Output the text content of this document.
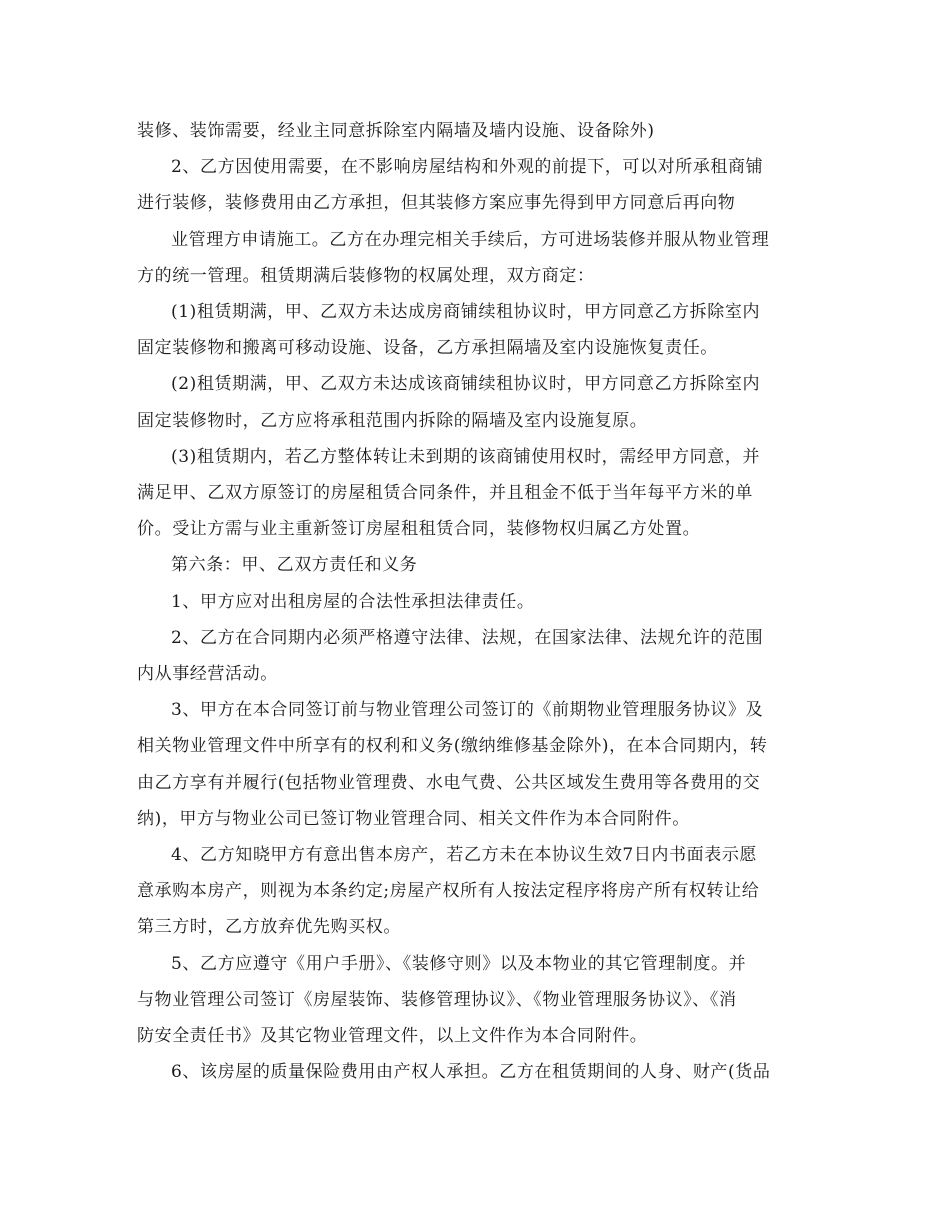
装修、装饰需要，经业主同意拆除室内隔墙及墙内设施、设备除外)
2、乙方因使用需要，在不影响房屋结构和外观的前提下，可以对所承租商铺
进行装修，装修费用由乙方承担，但其装修方案应事先得到甲方同意后再向物
业管理方申请施工。乙方在办理完相关手续后，方可进场装修并服从物业管理
方的统一管理。租赁期满后装修物的权属处理，双方商定：
(1)租赁期满，甲、乙双方未达成房商铺续租协议时，甲方同意乙方拆除室内
固定装修物和搬离可移动设施、设备，乙方承担隔墙及室内设施恢复责任。
(2)租赁期满，甲、乙双方未达成该商铺续租协议时，甲方同意乙方拆除室内
固定装修物时，乙方应将承租范围内拆除的隔墙及室内设施复原。
(3)租赁期内，若乙方整体转让未到期的该商铺使用权时，需经甲方同意，并
满足甲、乙双方原签订的房屋租赁合同条件，并且租金不低于当年每平方米的单
价。受让方需与业主重新签订房屋租租赁合同，装修物权归属乙方处置。
第六条：甲、乙双方责任和义务
1、甲方应对出租房屋的合法性承担法律责任。
2、乙方在合同期内必须严格遵守法律、法规，在国家法律、法规允许的范围
内从事经营活动。
3、甲方在本合同签订前与物业管理公司签订的《前期物业管理服务协议》及
相关物业管理文件中所享有的权利和义务(缴纳维修基金除外)，在本合同期内，转
由乙方享有并履行(包括物业管理费、水电气费、公共区域发生费用等各费用的交
纳)，甲方与物业公司已签订物业管理合同、相关文件作为本合同附件。
4、乙方知晓甲方有意出售本房产，若乙方未在本协议生效7日内书面表示愿
意承购本房产，则视为本条约定;房屋产权所有人按法定程序将房产所有权转让给
第三方时，乙方放弃优先购买权。
5、乙方应遵守《用户手册》、《装修守则》以及本物业的其它管理制度。并
与物业管理公司签订《房屋装饰、装修管理协议》、《物业管理服务协议》、《消
防安全责任书》及其它物业管理文件，以上文件作为本合同附件。
6、该房屋的质量保险费用由产权人承担。乙方在租赁期间的人身、财产(货品
